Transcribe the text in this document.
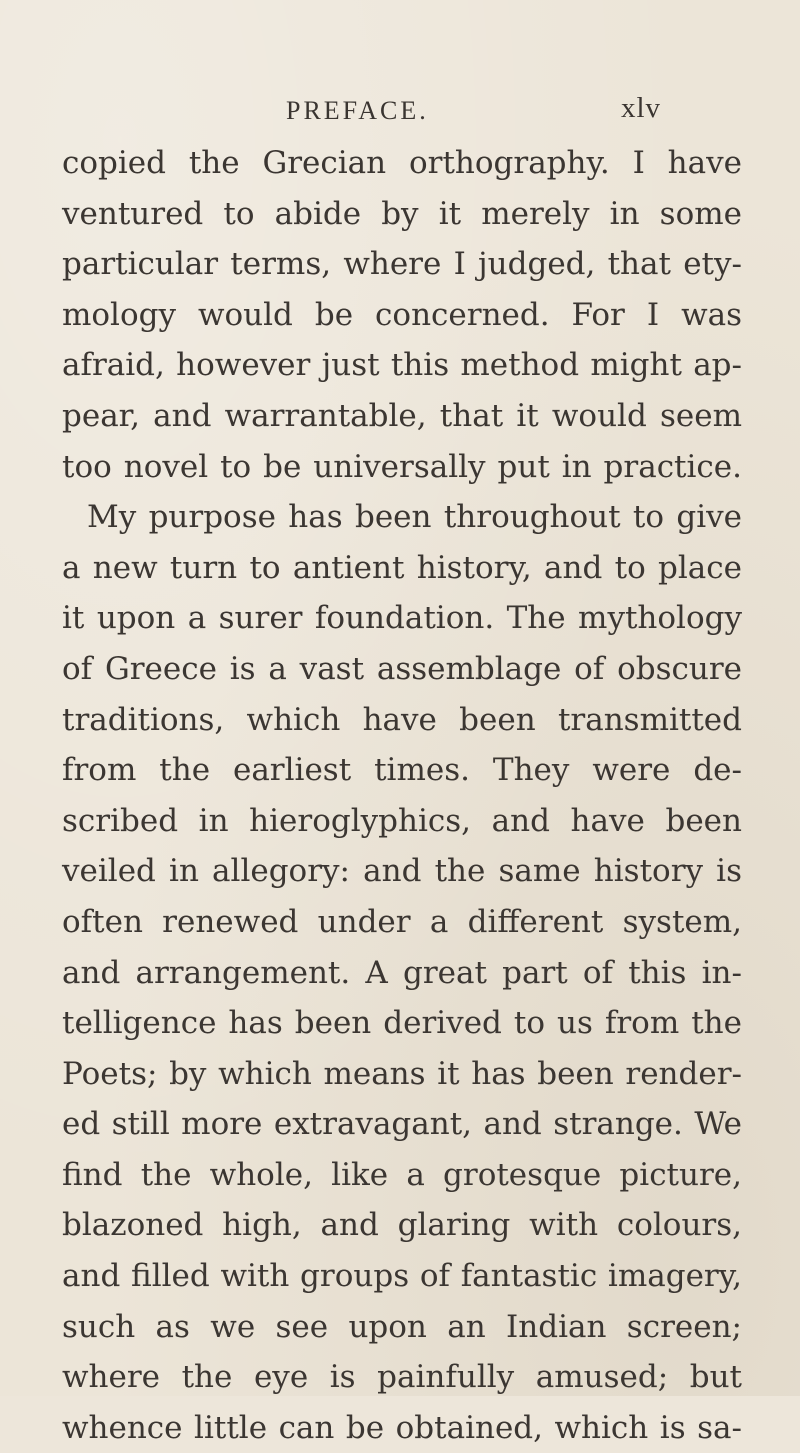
PREFACE.	xlv
copied the Grecian orthography. I have
ventured to abide by it merely in some
particular terms, where I judged, that ety-
mology would be concerned. For I was
afraid, however just this method might ap-
pear, and warrantable, that it would seem
too novel to be universally put in practice.
My purpose has been throughout to give
a new turn to antient history, and to place
it upon a surer foundation. The mythology
of Greece is a vast assemblage of obscure
traditions, which have been transmitted
from the earliest times. They were de-
scribed in hieroglyphics, and have been
veiled in allegory: and the same history is
often renewed under a different system,
and arrangement. A great part of this in-
telligence has been derived to us from the
Poets; by which means it has been render-
ed still more extravagant, and strange. We
find the whole, like a grotesque picture,
blazoned high, and glaring with colours,
and filled with groups of fantastic imagery,
such as we see upon an Indian screen;
where the eye is painfully amused; but
whence little can be obtained, which is sa-
